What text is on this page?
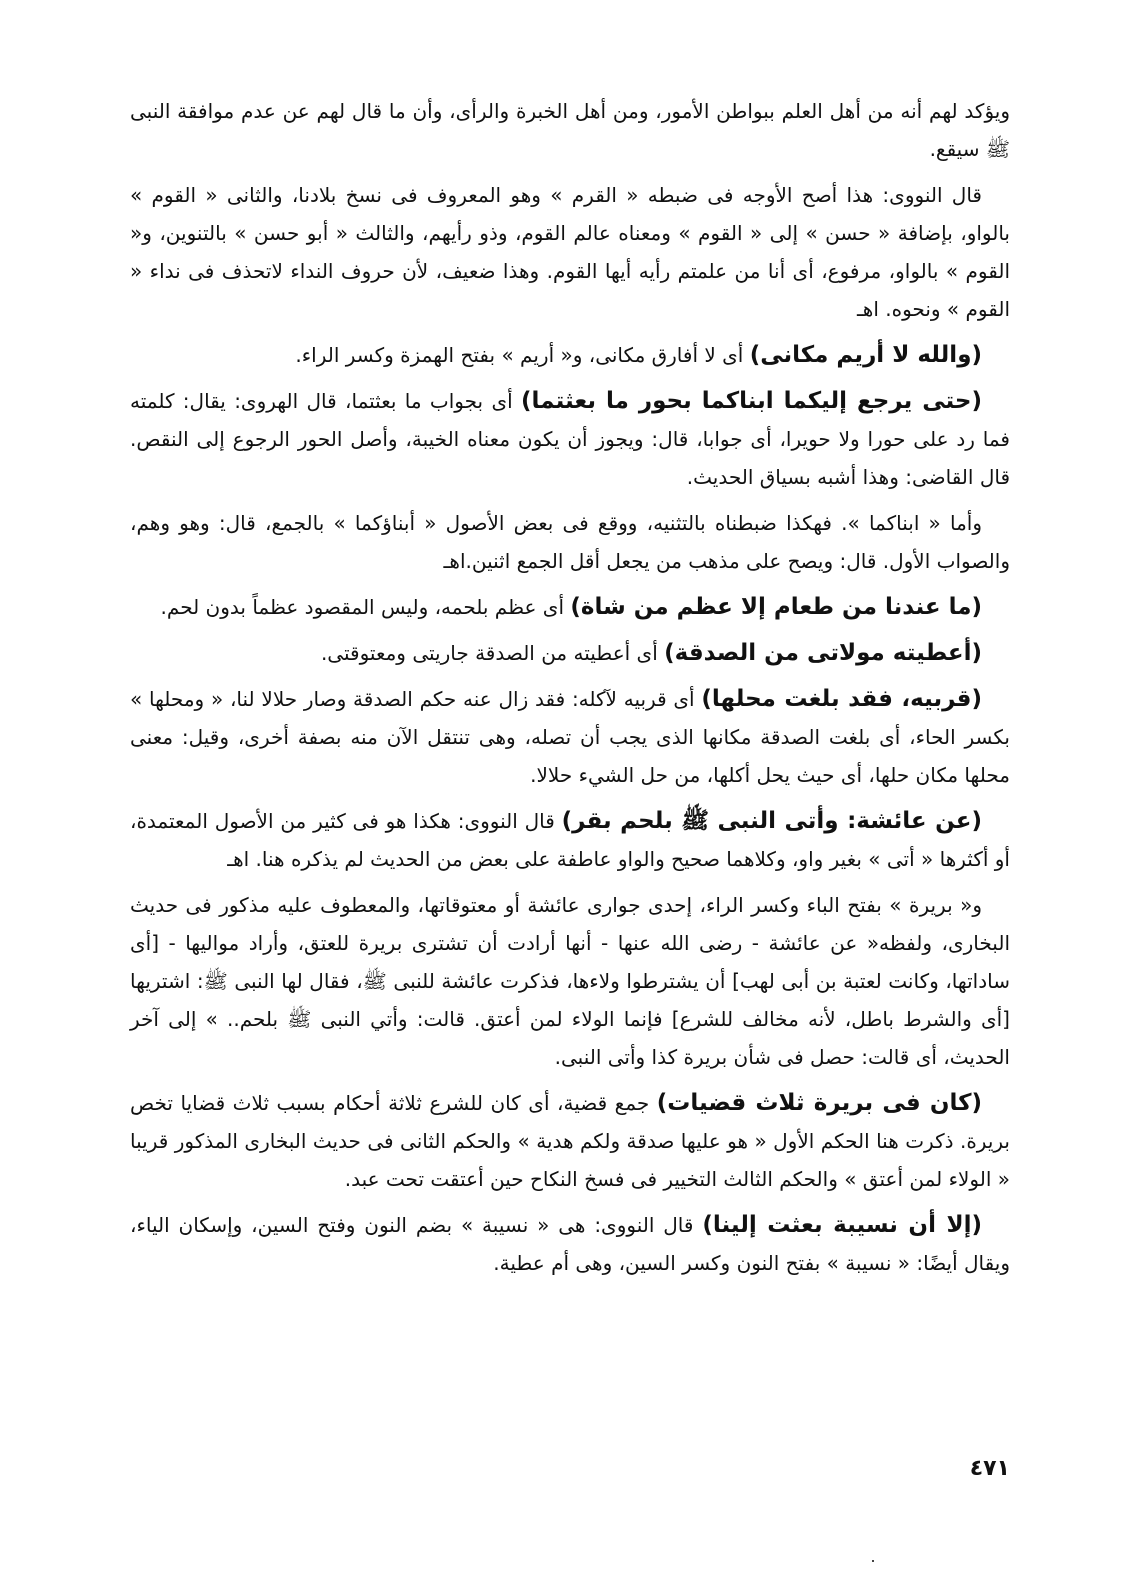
ويؤكد لهم أنه من أهل العلم ببواطن الأمور، ومن أهل الخبرة والرأى، وأن ما قال لهم عن عدم موافقة النبى ﷺ سيقع.

قال النووى: هذا أصح الأوجه فى ضبطه « القرم » وهو المعروف فى نسخ بلادنا، والثانى « القوم » بالواو، بإضافة « حسن » إلى « القوم » ومعناه عالم القوم، وذو رأيهم، والثالث « أبو حسن » بالتنوين، و« القوم » بالواو، مرفوع، أى أنا من علمتم رأيه أيها القوم. وهذا ضعيف، لأن حروف النداء لاتحذف فى نداء « القوم » ونحوه. اهـ

(والله لا أريم مكانى) أى لا أفارق مكانى، و« أريم » بفتح الهمزة وكسر الراء.

(حتى يرجع إليكما ابناكما بحور ما بعثتما) أى بجواب ما بعثتما، قال الهروى: يقال: كلمته فما رد على حورا ولا حويرا، أى جوابا، قال: ويجوز أن يكون معناه الخيبة، وأصل الحور الرجوع إلى النقص. قال القاضى: وهذا أشبه بسياق الحديث.

وأما « ابناكما ». فهكذا ضبطناه بالتثنيه، ووقع فى بعض الأصول « أبناؤكما » بالجمع، قال: وهو وهم، والصواب الأول. قال: ويصح على مذهب من يجعل أقل الجمع اثنين.اهـ

(ما عندنا من طعام إلا عظم من شاة) أى عظم بلحمه، وليس المقصود عظماً بدون لحم.

(أعطيته مولاتى من الصدقة) أى أعطيته من الصدقة جاريتى ومعتوقتى.

(قربيه، فقد بلغت محلها) أى قربيه لآكله: فقد زال عنه حكم الصدقة وصار حلالا لنا، « ومحلها » بكسر الحاء، أى بلغت الصدقة مكانها الذى يجب أن تصله، وهى تنتقل الآن منه بصفة أخرى، وقيل: معنى محلها مكان حلها، أى حيث يحل أكلها، من حل الشيء حلالا.

(عن عائشة: وأتى النبى ﷺ بلحم بقر) قال النووى: هكذا هو فى كثير من الأصول المعتمدة، أو أكثرها « أتى » بغير واو، وكلاهما صحيح والواو عاطفة على بعض من الحديث لم يذكره هنا. اهـ

و« بريرة » بفتح الباء وكسر الراء، إحدى جوارى عائشة أو معتوقاتها، والمعطوف عليه مذكور فى حديث البخارى، ولفظه« عن عائشة - رضى الله عنها - أنها أرادت أن تشترى بريرة للعتق، وأراد مواليها - [أى ساداتها، وكانت لعتبة بن أبى لهب] أن يشترطوا ولاءها، فذكرت عائشة للنبى ﷺ، فقال لها النبى ﷺ: اشتريها [أى والشرط باطل، لأنه مخالف للشرع] فإنما الولاء لمن أعتق. قالت: وأتي النبى ﷺ بلحم.. » إلى آخر الحديث، أى قالت: حصل فى شأن بريرة كذا وأتى النبى.

(كان فى بريرة ثلاث قضيات) جمع قضية، أى كان للشرع ثلاثة أحكام بسبب ثلاث قضايا تخص بريرة. ذكرت هنا الحكم الأول « هو عليها صدقة ولكم هدية » والحكم الثانى فى حديث البخارى المذكور قريبا « الولاء لمن أعتق » والحكم الثالث التخيير فى فسخ النكاح حين أعتقت تحت عبد.

(إلا أن نسيبة بعثت إلينا) قال النووى: هى « نسيبة » بضم النون وفتح السين، وإسكان الياء، ويقال أيضًا: « نسيبة » بفتح النون وكسر السين، وهى أم عطية.

٤٧١
